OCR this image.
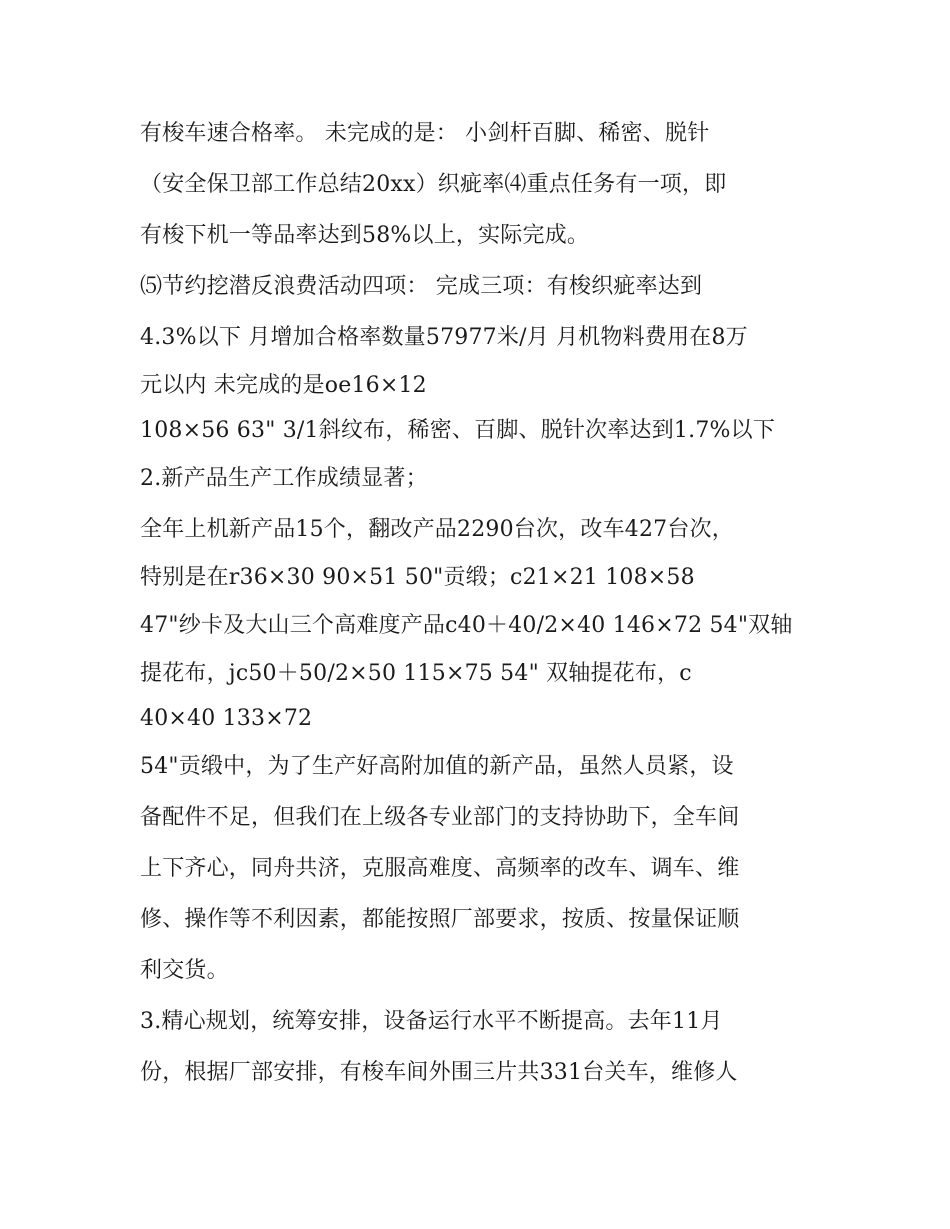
有梭车速合格率。 未完成的是： 小剑杆百脚、稀密、脱针
（安全保卫部工作总结20xx）织疵率⑷重点任务有一项，即
有梭下机一等品率达到58%以上，实际完成。
⑸节约挖潜反浪费活动四项： 完成三项：有梭织疵率达到
4.3%以下 月增加合格率数量57977米/月 月机物料费用在8万
元以内 未完成的是oe16×12
108×56 63" 3/1斜纹布，稀密、百脚、脱针次率达到1.7%以下
2.新产品生产工作成绩显著；
全年上机新产品15个，翻改产品2290台次，改车427台次，
特别是在r36×30 90×51 50"贡缎；c21×21 108×58
47"纱卡及大山三个高难度产品c40＋40/2×40 146×72 54"双轴
提花布，jc50＋50/2×50 115×75 54" 双轴提花布，c
40×40 133×72
54"贡缎中，为了生产好高附加值的新产品，虽然人员紧，设
备配件不足，但我们在上级各专业部门的支持协助下，全车间
上下齐心，同舟共济，克服高难度、高频率的改车、调车、维
修、操作等不利因素，都能按照厂部要求，按质、按量保证顺
利交货。
3.精心规划，统筹安排，设备运行水平不断提高。去年11月
份，根据厂部安排，有梭车间外围三片共331台关车，维修人
